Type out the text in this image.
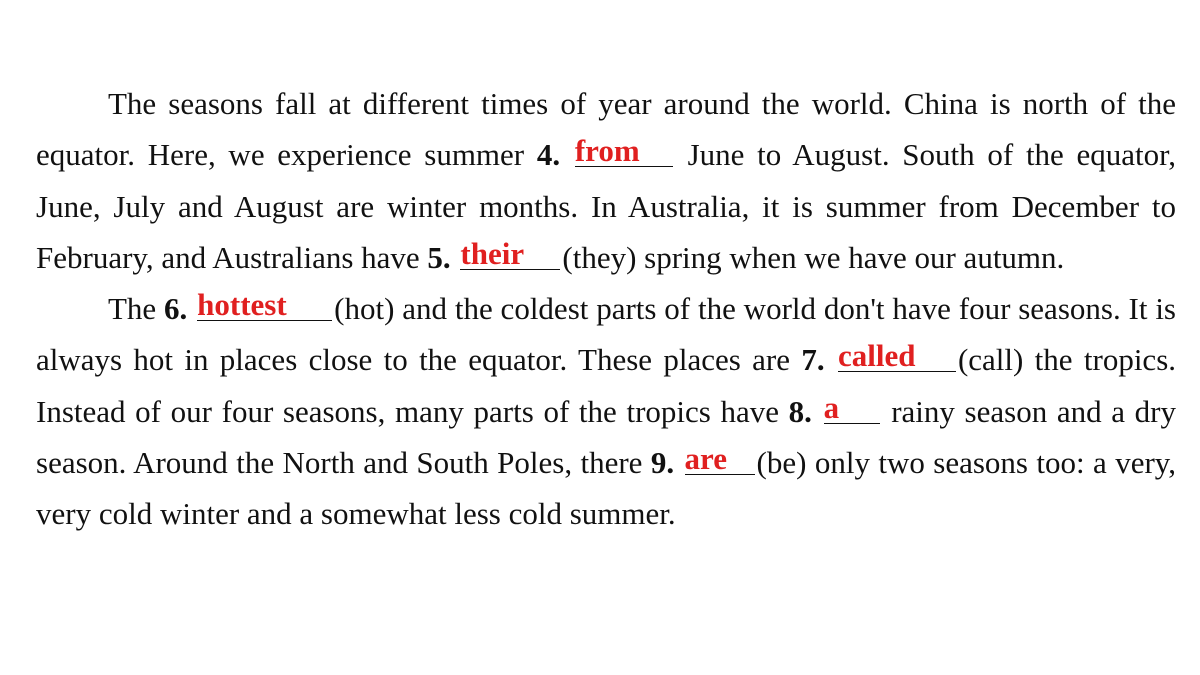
The seasons fall at different times of year around the world. China is north of the equator. Here, we experience summer 4. from June to August. South of the equator, June, July and August are winter months. In Australia, it is summer from December to February, and Australians have 5. their (they) spring when we have our autumn.

The 6. hottest (hot) and the coldest parts of the world don't have four seasons. It is always hot in places close to the equator. These places are 7. called (call) the tropics. Instead of our four seasons, many parts of the tropics have 8. a rainy season and a dry season. Around the North and South Poles, there 9. are (be) only two seasons too: a very, very cold winter and a somewhat less cold summer.
